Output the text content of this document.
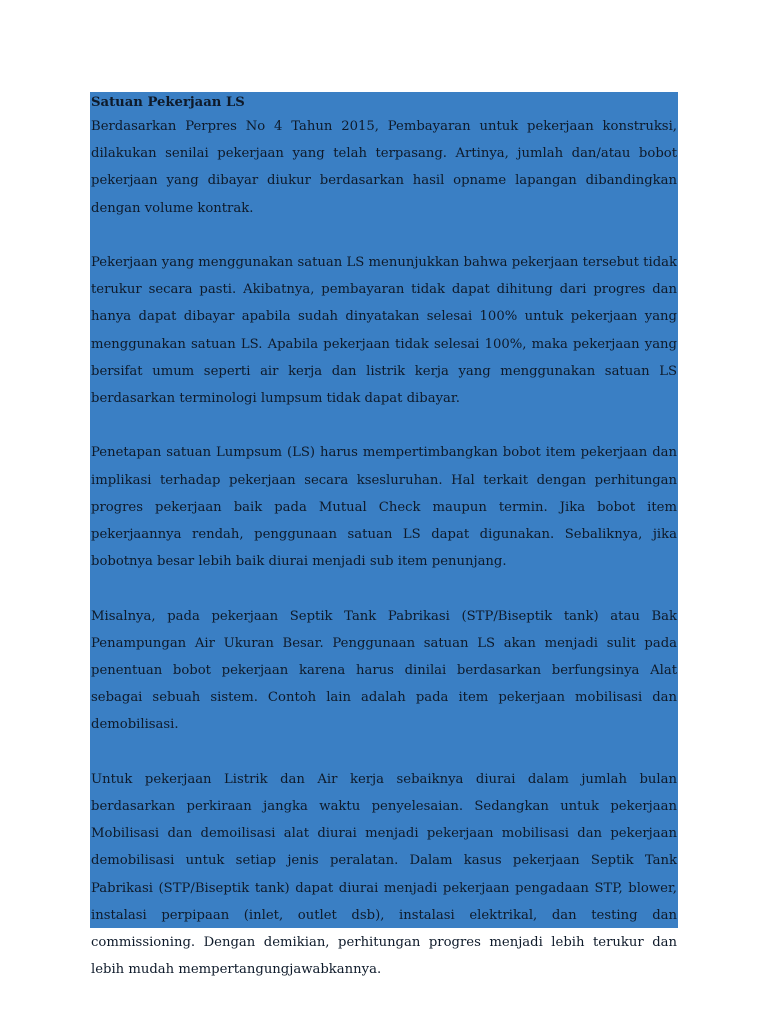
Satuan Pekerjaan LS

Berdasarkan Perpres No 4 Tahun 2015, Pembayaran untuk pekerjaan konstruksi, dilakukan senilai pekerjaan yang telah terpasang. Artinya, jumlah dan/atau bobot pekerjaan yang dibayar diukur berdasarkan hasil opname lapangan dibandingkan dengan volume kontrak.

Pekerjaan yang menggunakan satuan LS menunjukkan bahwa pekerjaan tersebut tidak terukur secara pasti. Akibatnya, pembayaran tidak dapat dihitung dari progres dan hanya dapat dibayar apabila sudah dinyatakan selesai 100% untuk pekerjaan yang menggunakan satuan LS. Apabila pekerjaan tidak selesai 100%, maka pekerjaan yang bersifat umum seperti air kerja dan listrik kerja yang menggunakan satuan LS berdasarkan terminologi lumpsum tidak dapat dibayar.

Penetapan satuan Lumpsum (LS) harus mempertimbangkan bobot item pekerjaan dan implikasi terhadap pekerjaan secara ksesluruhan. Hal terkait dengan perhitungan progres pekerjaan baik pada Mutual Check maupun termin. Jika bobot item pekerjaannya rendah, penggunaan satuan LS dapat digunakan. Sebaliknya, jika bobotnya besar lebih baik diurai menjadi sub item penunjang.

Misalnya, pada pekerjaan Septik Tank Pabrikasi (STP/Biseptik tank) atau Bak Penampungan Air Ukuran Besar. Penggunaan satuan LS akan menjadi sulit pada penentuan bobot pekerjaan karena harus dinilai berdasarkan berfungsinya Alat sebagai sebuah sistem. Contoh lain adalah pada item pekerjaan mobilisasi dan demobilisasi.

Untuk pekerjaan Listrik dan Air kerja sebaiknya diurai dalam jumlah bulan berdasarkan perkiraan jangka waktu penyelesaian. Sedangkan untuk pekerjaan Mobilisasi dan demoilisasi alat diurai menjadi pekerjaan mobilisasi dan pekerjaan demobilisasi untuk setiap jenis peralatan. Dalam kasus pekerjaan Septik Tank Pabrikasi (STP/Biseptik tank) dapat diurai menjadi pekerjaan pengadaan STP, blower, instalasi perpipaan (inlet, outlet dsb), instalasi elektrikal, dan testing dan commissioning. Dengan demikian, perhitungan progres menjadi lebih terukur dan lebih mudah mempertangungjawabkannya.
